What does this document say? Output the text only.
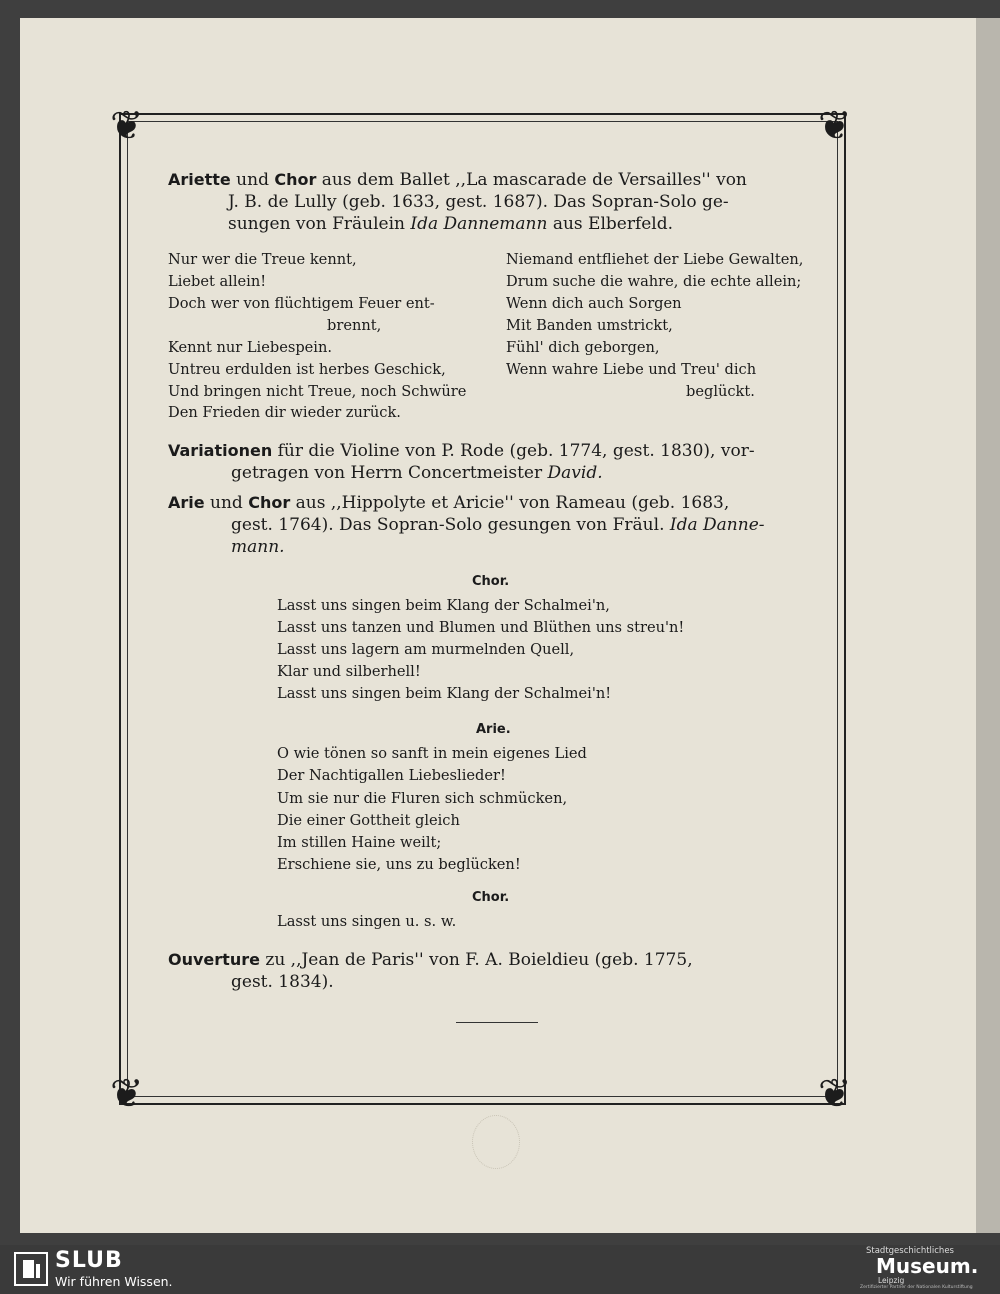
❦	❦
❦	❦
Ariette und Chor aus dem Ballet ,,La mascarade de Versailles'' von
J. B. de Lully (geb. 1633, gest. 1687). Das Sopran-Solo ge-
sungen von Fräulein Ida Dannemann aus Elberfeld.
Nur wer die Treue kennt,
Liebet allein!
Doch wer von flüchtigem Feuer ent-
brennt,
Kennt nur Liebespein.
Untreu erdulden ist herbes Geschick,
Und bringen nicht Treue, noch Schwüre
Den Frieden dir wieder zurück.
Niemand entfliehet der Liebe Gewalten,
Drum suche die wahre, die echte allein;
Wenn dich auch Sorgen
Mit Banden umstrickt,
Fühl' dich geborgen,
Wenn wahre Liebe und Treu' dich
beglückt.
Variationen für die Violine von P. Rode (geb. 1774, gest. 1830), vor-
getragen von Herrn Concertmeister David.
Arie und Chor aus ,,Hippolyte et Aricie'' von Rameau (geb. 1683,
gest. 1764). Das Sopran-Solo gesungen von Fräul. Ida Danne-
mann.
Chor.
Lasst uns singen beim Klang der Schalmei'n,
Lasst uns tanzen und Blumen und Blüthen uns streu'n!
Lasst uns lagern am murmelnden Quell,
Klar und silberhell!
Lasst uns singen beim Klang der Schalmei'n!
Arie.
O wie tönen so sanft in mein eigenes Lied
Der Nachtigallen Liebeslieder!
Um sie nur die Fluren sich schmücken,
Die einer Gottheit gleich
Im stillen Haine weilt;
Erschiene sie, uns zu beglücken!
Chor.
Lasst uns singen u. s. w.
Ouverture zu ,,Jean de Paris'' von F. A. Boieldieu (geb. 1775,
gest. 1834).
SLUB
Wir führen Wissen.
Stadtgeschichtliches
Museum.
Leipzig
Zertifizierter Partner der Nationalen Kulturstiftung
